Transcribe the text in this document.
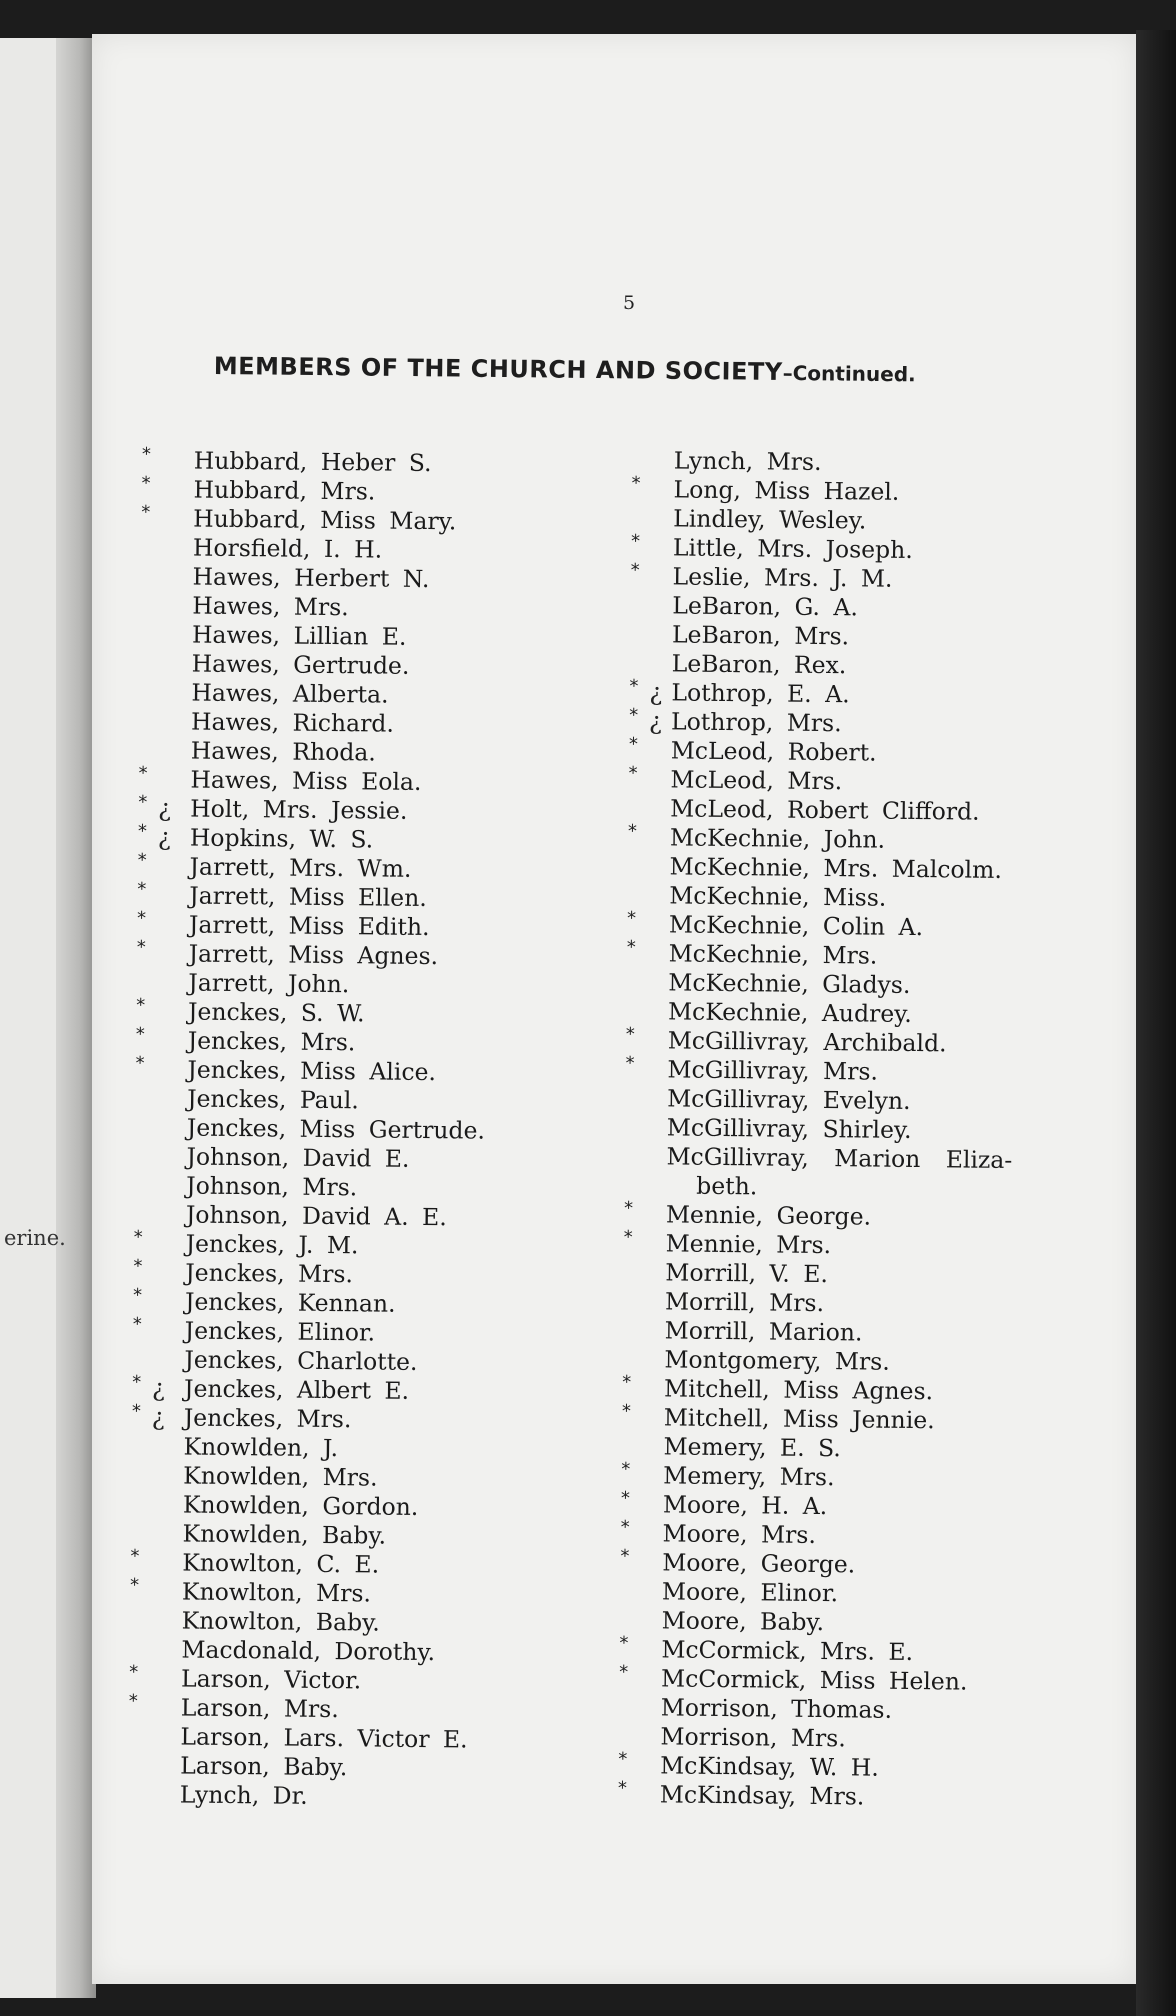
erine.
5
MEMBERS OF THE CHURCH AND SOCIETY–Continued.
* Hubbard, Heber S.
* Hubbard, Mrs.
* Hubbard, Miss Mary.
Horsfield, I. H.
Hawes, Herbert N.
Hawes, Mrs.
Hawes, Lillian E.
Hawes, Gertrude.
Hawes, Alberta.
Hawes, Richard.
Hawes, Rhoda.
* Hawes, Miss Eola.
* ¿ Holt, Mrs. Jessie.
* ¿ Hopkins, W. S.
* Jarrett, Mrs. Wm.
* Jarrett, Miss Ellen.
* Jarrett, Miss Edith.
* Jarrett, Miss Agnes.
Jarrett, John.
* Jenckes, S. W.
* Jenckes, Mrs.
* Jenckes, Miss Alice.
Jenckes, Paul.
Jenckes, Miss Gertrude.
Johnson, David E.
Johnson, Mrs.
Johnson, David A. E.
* Jenckes, J. M.
* Jenckes, Mrs.
* Jenckes, Kennan.
* Jenckes, Elinor.
Jenckes, Charlotte.
* ¿ Jenckes, Albert E.
* ¿ Jenckes, Mrs.
Knowlden, J.
Knowlden, Mrs.
Knowlden, Gordon.
Knowlden, Baby.
* Knowlton, C. E.
* Knowlton, Mrs.
Knowlton, Baby.
Macdonald, Dorothy.
* Larson, Victor.
* Larson, Mrs.
Larson, Lars. Victor E.
Larson, Baby.
Lynch, Dr.
Lynch, Mrs.
* Long, Miss Hazel.
Lindley, Wesley.
* Little, Mrs. Joseph.
* Leslie, Mrs. J. M.
LeBaron, G. A.
LeBaron, Mrs.
LeBaron, Rex.
* ¿ Lothrop, E. A.
* ¿ Lothrop, Mrs.
* McLeod, Robert.
* McLeod, Mrs.
McLeod, Robert Clifford.
* McKechnie, John.
McKechnie, Mrs. Malcolm.
McKechnie, Miss.
* McKechnie, Colin A.
* McKechnie, Mrs.
McKechnie, Gladys.
McKechnie, Audrey.
* McGillivray, Archibald.
* McGillivray, Mrs.
McGillivray, Evelyn.
McGillivray, Shirley.
McGillivray, Marion Eliza-
beth.
* Mennie, George.
* Mennie, Mrs.
Morrill, V. E.
Morrill, Mrs.
Morrill, Marion.
Montgomery, Mrs.
* Mitchell, Miss Agnes.
* Mitchell, Miss Jennie.
Memery, E. S.
* Memery, Mrs.
* Moore, H. A.
* Moore, Mrs.
* Moore, George.
Moore, Elinor.
Moore, Baby.
* McCormick, Mrs. E.
* McCormick, Miss Helen.
Morrison, Thomas.
Morrison, Mrs.
* McKindsay, W. H.
* McKindsay, Mrs.
